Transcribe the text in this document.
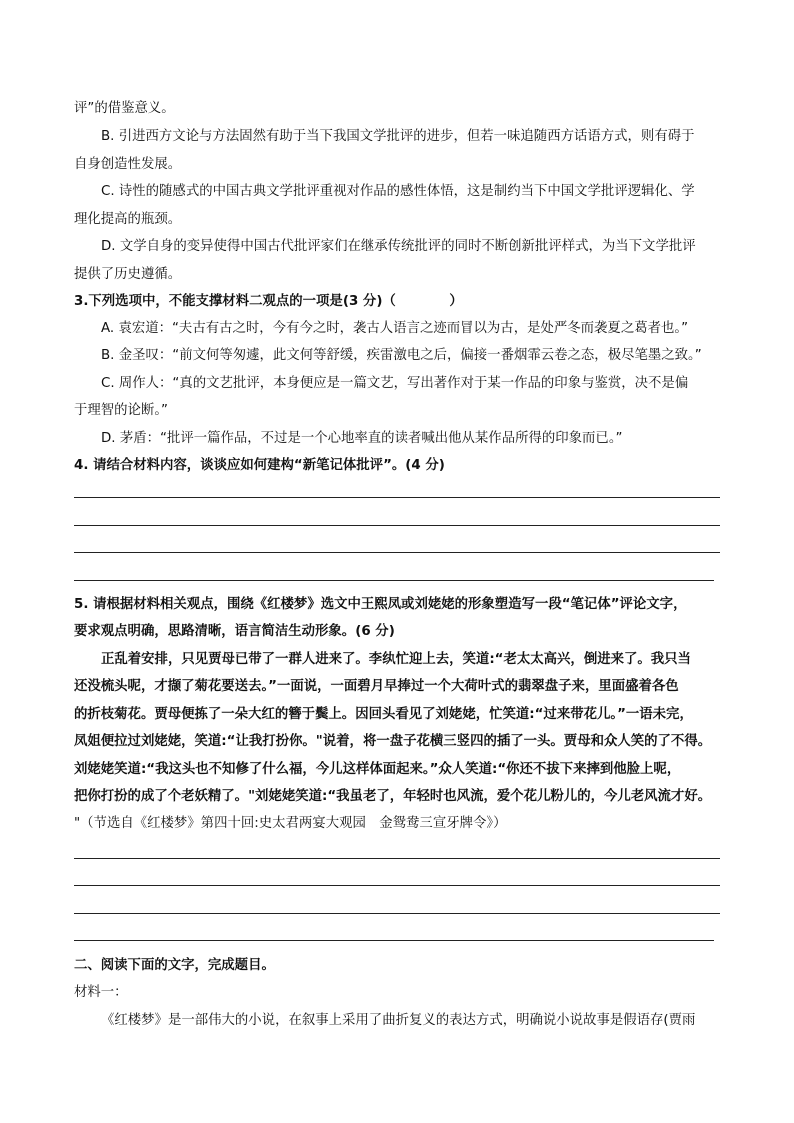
评”的借鉴意义。
B. 引进西方文论与方法固然有助于当下我国文学批评的进步，但若一味追随西方话语方式，则有碍于
自身创造性发展。
C. 诗性的随感式的中国古典文学批评重视对作品的感性体悟，这是制约当下中国文学批评逻辑化、学
理化提高的瓶颈。
D. 文学自身的变异使得中国古代批评家们在继承传统批评的同时不断创新批评样式，为当下文学批评
提供了历史遵循。
3.下列选项中，不能支撑材料二观点的一项是(3 分)（　　　　）
A. 袁宏道：“夫古有古之时，今有今之时，袭古人语言之迹而冒以为古，是处严冬而袭夏之葛者也。”
B. 金圣叹：“前文何等匆遽，此文何等舒缓，疾雷激电之后，偏接一番烟霏云卷之态，极尽笔墨之致。”
C. 周作人：“真的文艺批评，本身便应是一篇文艺，写出著作对于某一作品的印象与鉴赏，决不是偏
于理智的论断。”
D. 茅盾：“批评一篇作品，不过是一个心地率直的读者喊出他从某作品所得的印象而已。”
4. 请结合材料内容，谈谈应如何建构“新笔记体批评”。(4 分)
5. 请根据材料相关观点，围绕《红楼梦》选文中王熙凤或刘姥姥的形象塑造写一段“笔记体”评论文字，
要求观点明确，思路清晰，语言简洁生动形象。(6 分)
正乱着安排，只见贾母已带了一群人进来了。李纨忙迎上去，笑道:“老太太高兴，倒进来了。我只当
还没梳头呢，才撷了菊花要送去。”一面说，一面碧月早捧过一个大荷叶式的翡翠盘子来，里面盛着各色
的折枝菊花。贾母便拣了一朵大红的簪于鬓上。因回头看见了刘姥姥，忙笑道:“过来带花儿。”一语未完，
凤姐便拉过刘姥姥，笑道:“让我打扮你。"说着，将一盘子花横三竖四的插了一头。贾母和众人笑的了不得。
刘姥姥笑道:“我这头也不知修了什么福，今儿这样体面起来。”众人笑道:“你还不拔下来摔到他脸上呢，
把你打扮的成了个老妖精了。"刘姥姥笑道:“我虽老了，年轻时也风流，爱个花儿粉儿的，今儿老风流才好。
"（节选自《红楼梦》第四十回:史太君两宴大观园　金鸳鸯三宣牙牌令》）
二、阅读下面的文字，完成题目。
材料一：
《红楼梦》是一部伟大的小说，在叙事上采用了曲折复义的表达方式，明确说小说故事是假语存(贾雨
